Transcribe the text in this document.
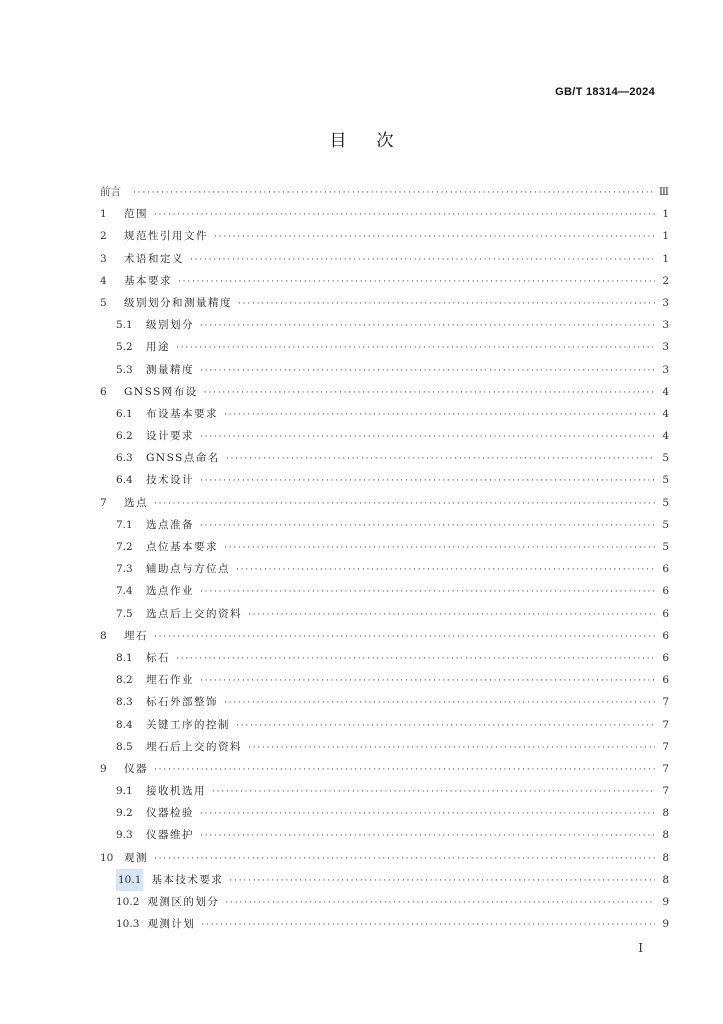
GB/T 18314—2024
目次
前言 ·····	Ⅲ
1	范围 ·····	1
2	规范性引用文件 ·····	1
3	术语和定义 ·····	1
4	基本要求 ·····	2
5	级别划分和测量精度 ·····	3
5.1	级别划分 ·····	3
5.2	用途 ·····	3
5.3	测量精度 ·····	3
6	GNSS网布设 ·····	4
6.1	布设基本要求 ·····	4
6.2	设计要求 ·····	4
6.3	GNSS点命名 ·····	5
6.4	技术设计 ·····	5
7	选点 ·····	5
7.1	选点准备 ·····	5
7.2	点位基本要求 ·····	5
7.3	辅助点与方位点 ·····	6
7.4	选点作业 ·····	6
7.5	选点后上交的资料 ·····	6
8	埋石 ·····	6
8.1	标石 ·····	6
8.2	埋石作业 ·····	6
8.3	标石外部整饰 ·····	7
8.4	关键工序的控制 ·····	7
8.5	埋石后上交的资料 ·····	7
9	仪器 ·····	7
9.1	接收机选用 ·····	7
9.2	仪器检验 ·····	8
9.3	仪器维护 ·····	8
10	观测 ·····	8
10.1 基本技术要求 ·····	8
10.2 观测区的划分 ·····	9
10.3 观测计划 ·····	9
I
